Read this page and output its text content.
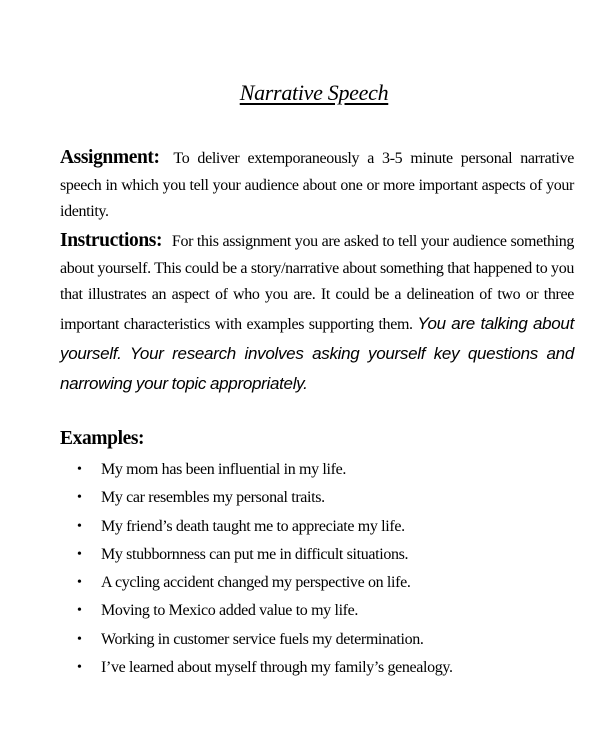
Narrative Speech
Assignment: To deliver extemporaneously a 3-5 minute personal narrative speech in which you tell your audience about one or more important aspects of your identity.
Instructions: For this assignment you are asked to tell your audience something about yourself. This could be a story/narrative about something that happened to you that illustrates an aspect of who you are. It could be a delineation of two or three important characteristics with examples supporting them. You are talking about yourself. Your research involves asking yourself key questions and narrowing your topic appropriately.
Examples:
• My mom has been influential in my life.
• My car resembles my personal traits.
• My friend’s death taught me to appreciate my life.
• My stubbornness can put me in difficult situations.
• A cycling accident changed my perspective on life.
• Moving to Mexico added value to my life.
• Working in customer service fuels my determination.
• I’ve learned about myself through my family’s genealogy.
